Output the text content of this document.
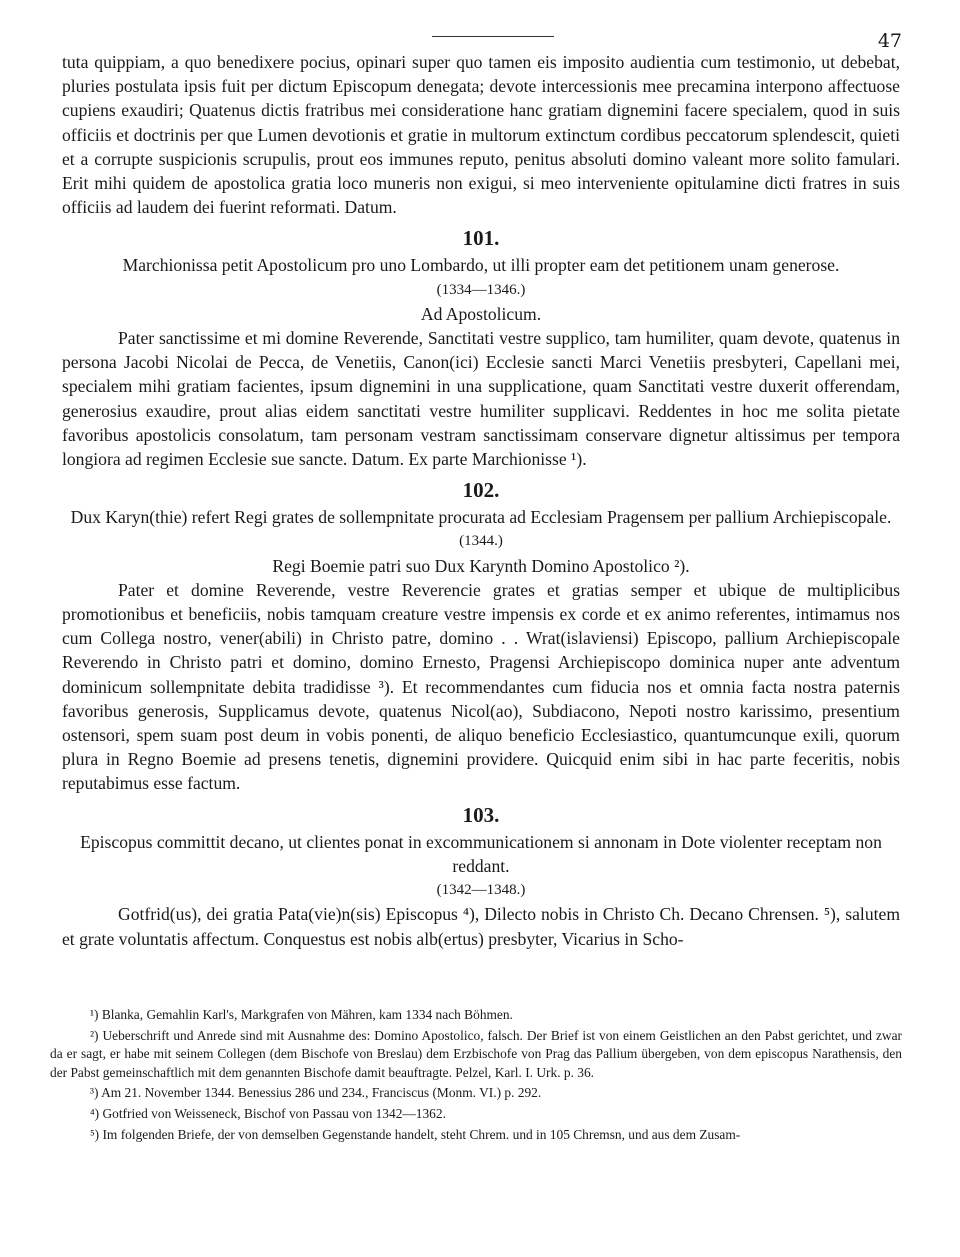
47

tuta quippiam, a quo benedixere pocius, opinari super quo tamen eis imposito audientia cum testimonio, ut debebat, pluries postulata ipsis fuit per dictum Episcopum denegata; devote intercessionis mee precamina interpono affectuose cupiens exaudiri; Quatenus dictis fratribus mei consideratione hanc gratiam dignemini facere specialem, quod in suis officiis et doctrinis per que Lumen devotionis et gratie in multorum extinctum cordibus peccatorum splendescit, quieti et a corrupte suspicionis scrupulis, prout eos immunes reputo, penitus absoluti domino valeant more solito famulari. Erit mihi quidem de apostolica gratia loco muneris non exigui, si meo interveniente opitulamine dicti fratres in suis officiis ad laudem dei fuerint reformati. Datum.

101.

Marchionissa petit Apostolicum pro uno Lombardo, ut illi propter eam det petitionem unam generose.

(1334—1346.)

Ad Apostolicum.

Pater sanctissime et mi domine Reverende, Sanctitati vestre supplico, tam humiliter, quam devote, quatenus in persona Jacobi Nicolai de Pecca, de Venetiis, Canon(ici) Ecclesie sancti Marci Venetiis presbyteri, Capellani mei, specialem mihi gratiam facientes, ipsum dignemini in una supplicatione, quam Sanctitati vestre duxerit offerendam, generosius exaudire, prout alias eidem sanctitati vestre humiliter supplicavi. Reddentes in hoc me solita pietate favoribus apostolicis consolatum, tam personam vestram sanctissimam conservare dignetur altissimus per tempora longiora ad regimen Ecclesie sue sancte. Datum. Ex parte Marchionisse ¹).

102.

Dux Karyn(thie) refert Regi grates de sollempnitate procurata ad Ecclesiam Pragensem per pallium Archiepiscopale.

(1344.)

Regi Boemie patri suo Dux Karynth Domino Apostolico ²).

Pater et domine Reverende, vestre Reverencie grates et gratias semper et ubique de multiplicibus promotionibus et beneficiis, nobis tamquam creature vestre impensis ex corde et ex animo referentes, intimamus nos cum Collega nostro, vener(abili) in Christo patre, domino . . Wrat(islaviensi) Episcopo, pallium Archiepiscopale Reverendo in Christo patri et domino, domino Ernesto, Pragensi Archiepiscopo dominica nuper ante adventum dominicum sollempnitate debita tradidisse ³). Et recommendantes cum fiducia nos et omnia facta nostra paternis favoribus generosis, Supplicamus devote, quatenus Nicol(ao), Subdiacono, Nepoti nostro karissimo, presentium ostensori, spem suam post deum in vobis ponenti, de aliquo beneficio Ecclesiastico, quantumcunque exili, quorum plura in Regno Boemie ad presens tenetis, dignemini providere. Quicquid enim sibi in hac parte feceritis, nobis reputabimus esse factum.

103.

Episcopus committit decano, ut clientes ponat in excommunicationem si annonam in Dote violenter receptam non reddant.

(1342—1348.)

Gotfrid(us), dei gratia Pata(vie)n(sis) Episcopus ⁴), Dilecto nobis in Christo Ch. Decano Chrensen. ⁵), salutem et grate voluntatis affectum. Conquestus est nobis alb(ertus) presbyter, Vicarius in Scho-

¹) Blanka, Gemahlin Karl's, Markgrafen von Mähren, kam 1334 nach Böhmen.

²) Ueberschrift und Anrede sind mit Ausnahme des: Domino Apostolico, falsch. Der Brief ist von einem Geistlichen an den Pabst gerichtet, und zwar da er sagt, er habe mit seinem Collegen (dem Bischofe von Breslau) dem Erzbischofe von Prag das Pallium übergeben, von dem episcopus Narathensis, den der Pabst gemeinschaftlich mit dem genannten Bischofe damit beauftragte. Pelzel, Karl. I. Urk. p. 36.

³) Am 21. November 1344. Benessius 286 und 234., Franciscus (Monm. VI.) p. 292.

⁴) Gotfried von Weisseneck, Bischof von Passau von 1342—1362.

⁵) Im folgenden Briefe, der von demselben Gegenstande handelt, steht Chrem. und in 105 Chremsn, und aus dem Zusam-
